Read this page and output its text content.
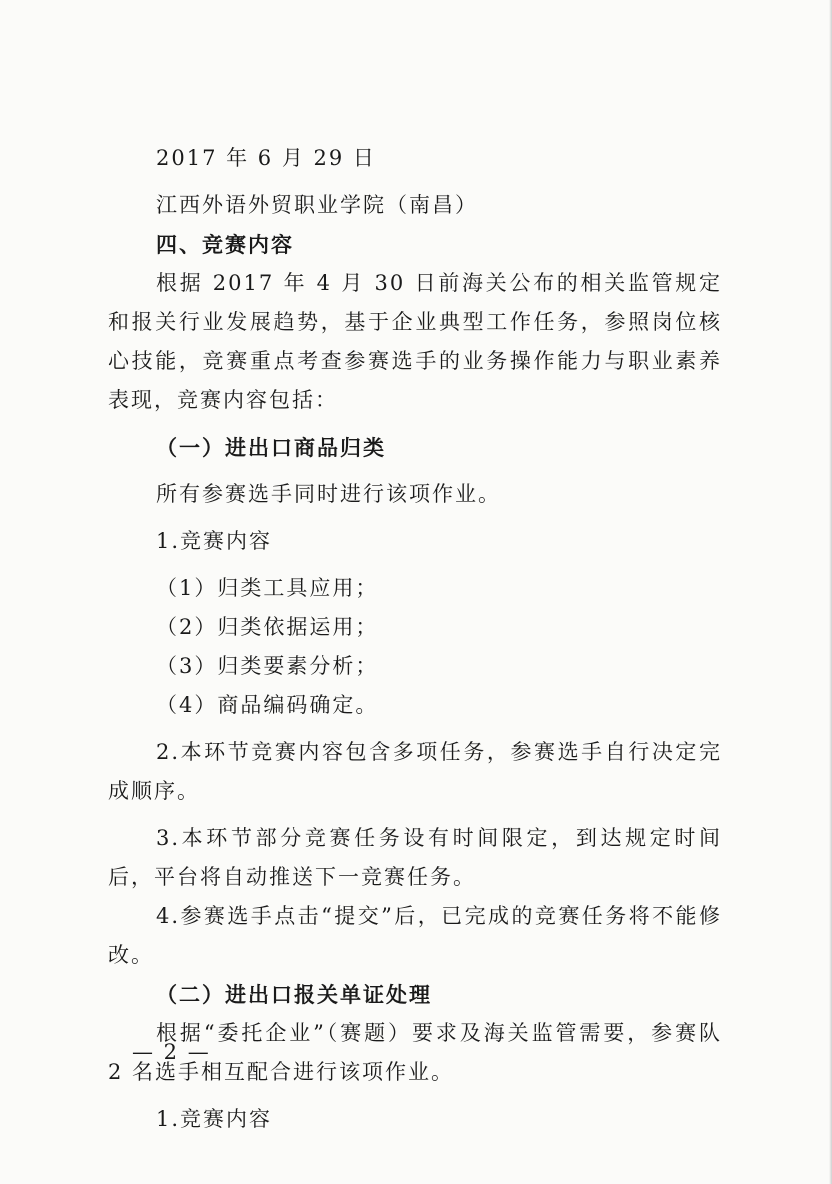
2017 年 6 月 29 日

江西外语外贸职业学院（南昌）

四、竞赛内容

根据 2017 年 4 月 30 日前海关公布的相关监管规定和报关行业发展趋势，基于企业典型工作任务，参照岗位核心技能，竞赛重点考查参赛选手的业务操作能力与职业素养表现，竞赛内容包括：

（一）进出口商品归类

所有参赛选手同时进行该项作业。

1.竞赛内容

（1）归类工具应用；

（2）归类依据运用；

（3）归类要素分析；

（4）商品编码确定。

2.本环节竞赛内容包含多项任务，参赛选手自行决定完成顺序。

3.本环节部分竞赛任务设有时间限定，到达规定时间后，平台将自动推送下一竞赛任务。

4.参赛选手点击“提交”后，已完成的竞赛任务将不能修改。

（二）进出口报关单证处理

根据“委托企业”（赛题）要求及海关监管需要，参赛队 2 名选手相互配合进行该项作业。

1.竞赛内容

— 2 —
